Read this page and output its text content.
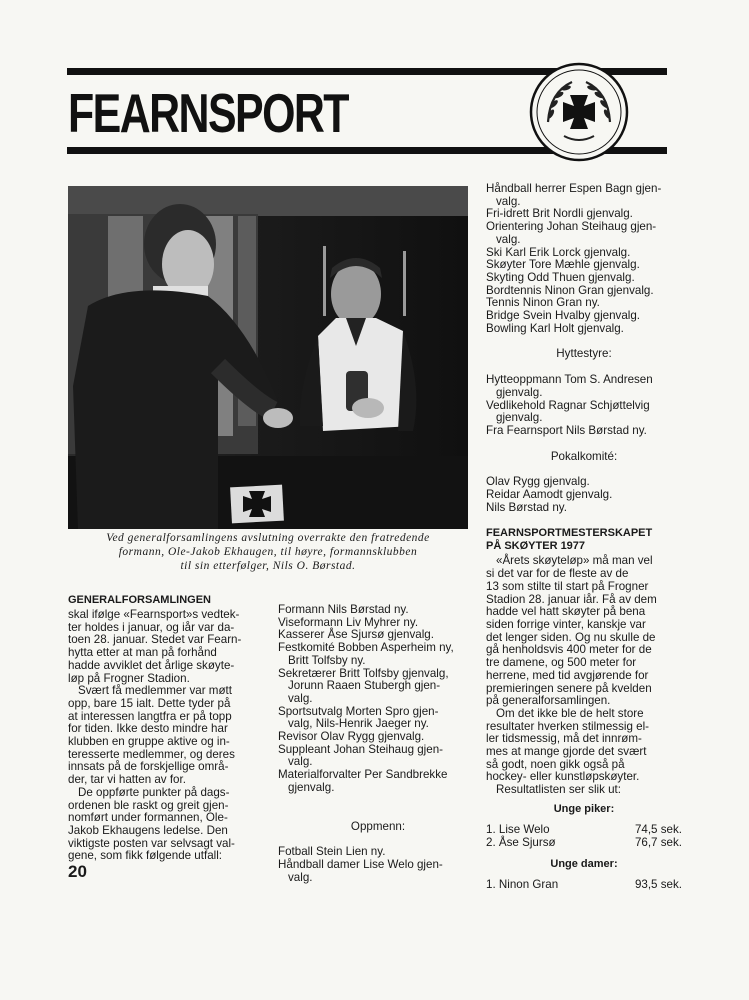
FEARNSPORT
Ved generalforsamlingens avslutning overrakte den fratredende
formann, Ole-Jakob Ekhaugen, til høyre, formannsklubben
til sin etterfølger, Nils O. Børstad.

GENERALFORSAMLINGEN

skal ifølge «Fearnsport»s vedtek-

ter holdes i januar, og iår var da-

toen 28. januar. Stedet var Fearn-

hytta etter at man på forhånd

hadde avviklet det årlige skøyte-

løp på Frogner Stadion.

Svært få medlemmer var møtt

opp, bare 15 ialt. Dette tyder på

at interessen langtfra er på topp

for tiden. Ikke desto mindre har

klubben en gruppe aktive og in-

teresserte medlemmer, og deres

innsats på de forskjellige områ-

der, tar vi hatten av for.

De oppførte punkter på dags-

ordenen ble raskt og greit gjen-

nomført under formannen, Ole-

Jakob Ekhaugens ledelse. Den

viktigste posten var selvsagt val-

gene, som fikk følgende utfall:

Formann Nils Børstad ny.

Viseformann Liv Myhrer ny.

Kasserer Åse Sjursø gjenvalg.

Festkomité Bobben Asperheim ny,

Britt Tolfsby ny.

Sekretærer Britt Tolfsby gjenvalg,

Jorunn Raaen Stubergh gjen-

valg.

Sportsutvalg Morten Spro gjen-

valg, Nils-Henrik Jaeger ny.

Revisor Olav Rygg gjenvalg.

Suppleant Johan Steihaug gjen-

valg.

Materialforvalter Per Sandbrekke

gjenvalg.

Oppmenn:

Fotball Stein Lien ny.

Håndball damer Lise Welo gjen-

valg.

Håndball herrer Espen Bagn gjen-

valg.

Fri-idrett Brit Nordli gjenvalg.

Orientering Johan Steihaug gjen-

valg.

Ski Karl Erik Lorck gjenvalg.

Skøyter Tore Mæhle gjenvalg.

Skyting Odd Thuen gjenvalg.

Bordtennis Ninon Gran gjenvalg.

Tennis Ninon Gran ny.

Bridge Svein Hvalby gjenvalg.

Bowling Karl Holt gjenvalg.

Hyttestyre:

Hytteoppmann Tom S. Andresen

gjenvalg.

Vedlikehold Ragnar Schjøttelvig

gjenvalg.

Fra Fearnsport Nils Børstad ny.

Pokalkomité:

Olav Rygg gjenvalg.

Reidar Aamodt gjenvalg.

Nils Børstad ny.

FEARNSPORTMESTERSKAPET

PÅ SKØYTER 1977

«Årets skøyteløp» må man vel

si det var for de fleste av de

13 som stilte til start på Frogner

Stadion 28. januar iår. Få av dem

hadde vel hatt skøyter på bena

siden forrige vinter, kanskje var

det lenger siden. Og nu skulle de

gå henholdsvis 400 meter for de

tre damene, og 500 meter for

herrene, med tid avgjørende for

premieringen senere på kvelden

på generalforsamlingen.

Om det ikke ble de helt store

resultater hverken stilmessig el-

ler tidsmessig, må det innrøm-

mes at mange gjorde det svært

så godt, noen gikk også på

hockey- eller kunstløpskøyter.

Resultatlisten ser slik ut:

Unge piker:

1. Lise Welo	74,5 sek.
2. Åse Sjursø	76,7 sek.

Unge damer:

1. Ninon Gran	93,5 sek.
20
